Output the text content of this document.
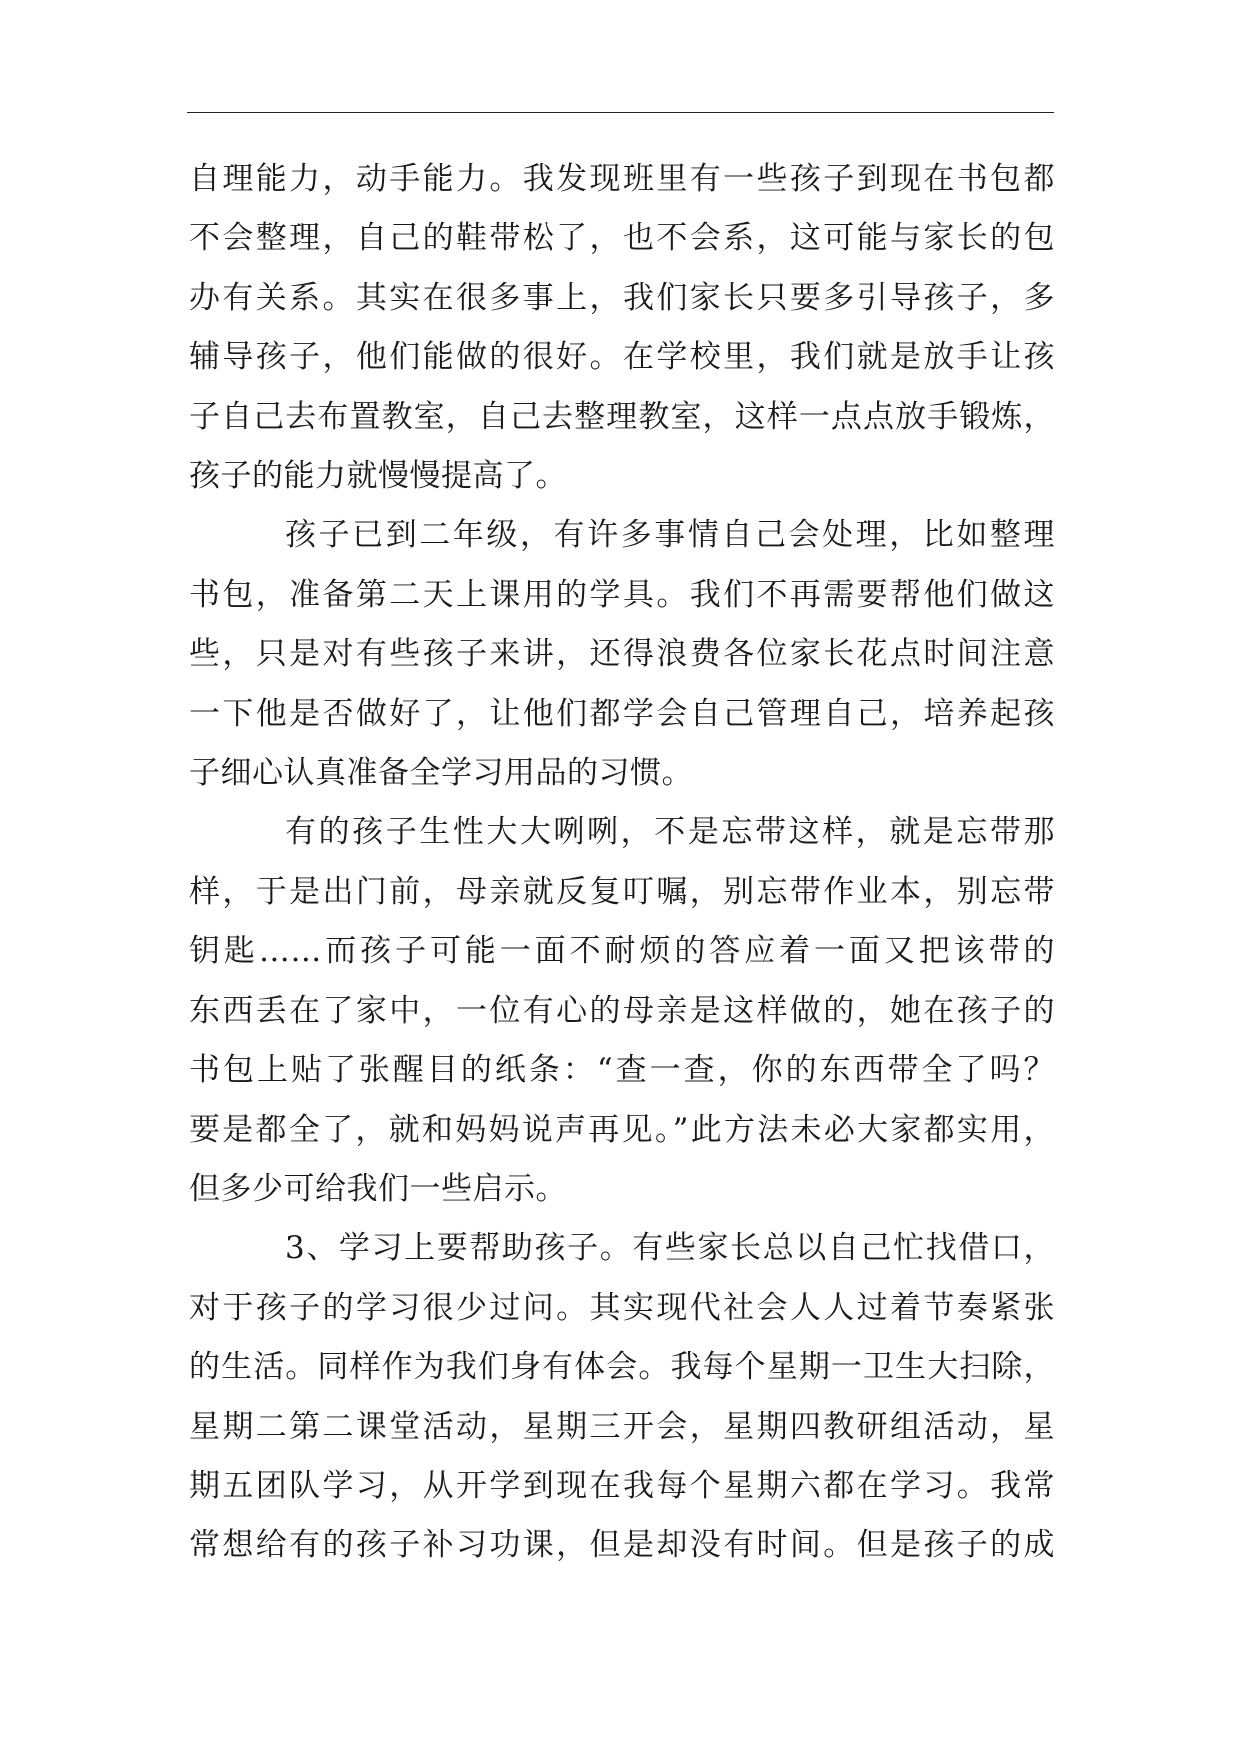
自理能力，动手能力。我发现班里有一些孩子到现在书包都
不会整理，自己的鞋带松了，也不会系，这可能与家长的包
办有关系。其实在很多事上，我们家长只要多引导孩子，多
辅导孩子，他们能做的很好。在学校里，我们就是放手让孩
子自己去布置教室，自己去整理教室，这样一点点放手锻炼，
孩子的能力就慢慢提高了。

孩子已到二年级，有许多事情自己会处理，比如整理
书包，准备第二天上课用的学具。我们不再需要帮他们做这
些，只是对有些孩子来讲，还得浪费各位家长花点时间注意
一下他是否做好了，让他们都学会自己管理自己，培养起孩
子细心认真准备全学习用品的习惯。

有的孩子生性大大咧咧，不是忘带这样，就是忘带那
样，于是出门前，母亲就反复叮嘱，别忘带作业本，别忘带
钥匙……而孩子可能一面不耐烦的答应着一面又把该带的
东西丢在了家中，一位有心的母亲是这样做的，她在孩子的
书包上贴了张醒目的纸条：“查一查，你的东西带全了吗？
要是都全了，就和妈妈说声再见。”此方法未必大家都实用，
但多少可给我们一些启示。

3、学习上要帮助孩子。有些家长总以自己忙找借口，
对于孩子的学习很少过问。其实现代社会人人过着节奏紧张
的生活。同样作为我们身有体会。我每个星期一卫生大扫除，
星期二第二课堂活动，星期三开会，星期四教研组活动，星
期五团队学习，从开学到现在我每个星期六都在学习。我常
常想给有的孩子补习功课，但是却没有时间。但是孩子的成
